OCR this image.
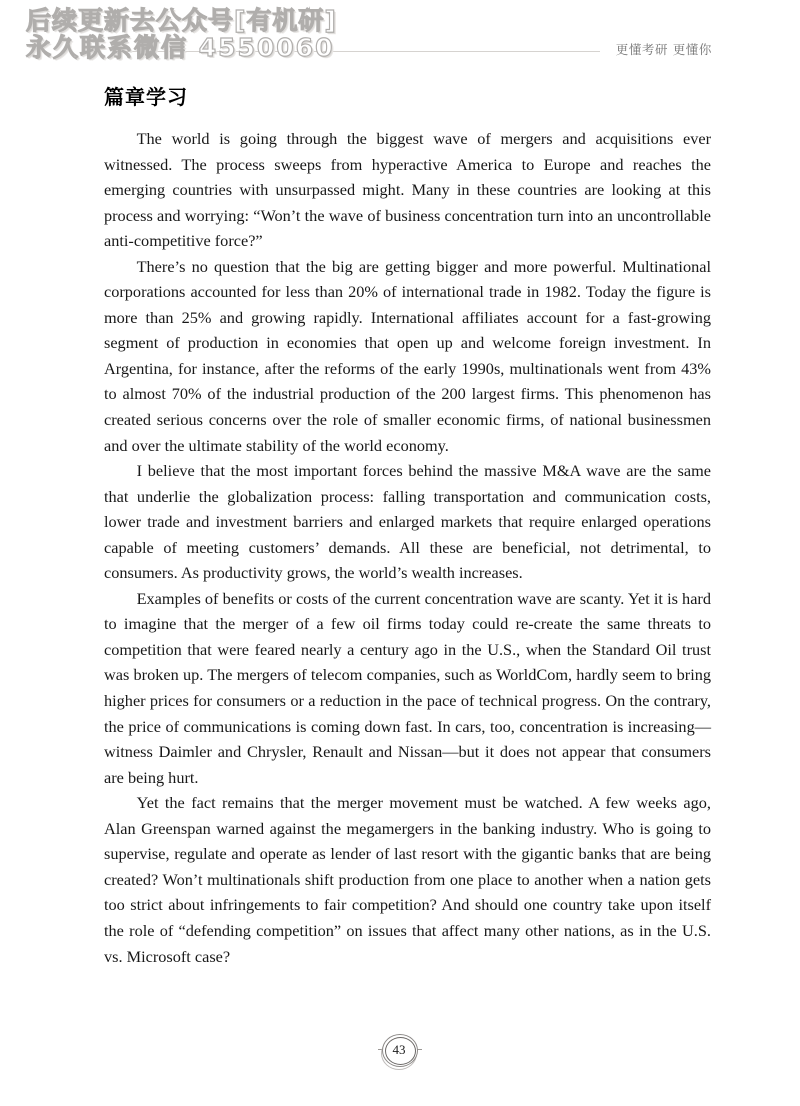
更懂考研 更懂你
后续更新去公众号[有机研]
永久联系微信 4550060
篇章学习

The world is going through the biggest wave of mergers and acquisitions ever witnessed. The process sweeps from hyperactive America to Europe and reaches the emerging countries with unsurpassed might. Many in these countries are looking at this process and worrying: “Won’t the wave of business concentration turn into an uncontrollable anti-competitive force?”

There’s no question that the big are getting bigger and more powerful. Multinational corporations accounted for less than 20% of international trade in 1982. Today the figure is more than 25% and growing rapidly. International affiliates account for a fast-growing segment of production in economies that open up and welcome foreign investment. In Argentina, for instance, after the reforms of the early 1990s, multinationals went from 43% to almost 70% of the industrial production of the 200 largest firms. This phenomenon has created serious concerns over the role of smaller economic firms, of national businessmen and over the ultimate stability of the world economy.

I believe that the most important forces behind the massive M&A wave are the same that underlie the globalization process: falling transportation and communication costs, lower trade and investment barriers and enlarged markets that require enlarged operations capable of meeting customers’ demands. All these are beneficial, not detrimental, to consumers. As productivity grows, the world’s wealth increases.

Examples of benefits or costs of the current concentration wave are scanty. Yet it is hard to imagine that the merger of a few oil firms today could re-create the same threats to competition that were feared nearly a century ago in the U.S., when the Standard Oil trust was broken up. The mergers of telecom companies, such as WorldCom, hardly seem to bring higher prices for consumers or a reduction in the pace of technical progress. On the contrary, the price of communications is coming down fast. In cars, too, concentration is increasing—witness Daimler and Chrysler, Renault and Nissan—but it does not appear that consumers are being hurt.

Yet the fact remains that the merger movement must be watched. A few weeks ago, Alan Greenspan warned against the megamergers in the banking industry. Who is going to supervise, regulate and operate as lender of last resort with the gigantic banks that are being created? Won’t multinationals shift production from one place to another when a nation gets too strict about infringements to fair competition? And should one country take upon itself the role of “defending competition” on issues that affect many other nations, as in the U.S. vs. Microsoft case?

43
